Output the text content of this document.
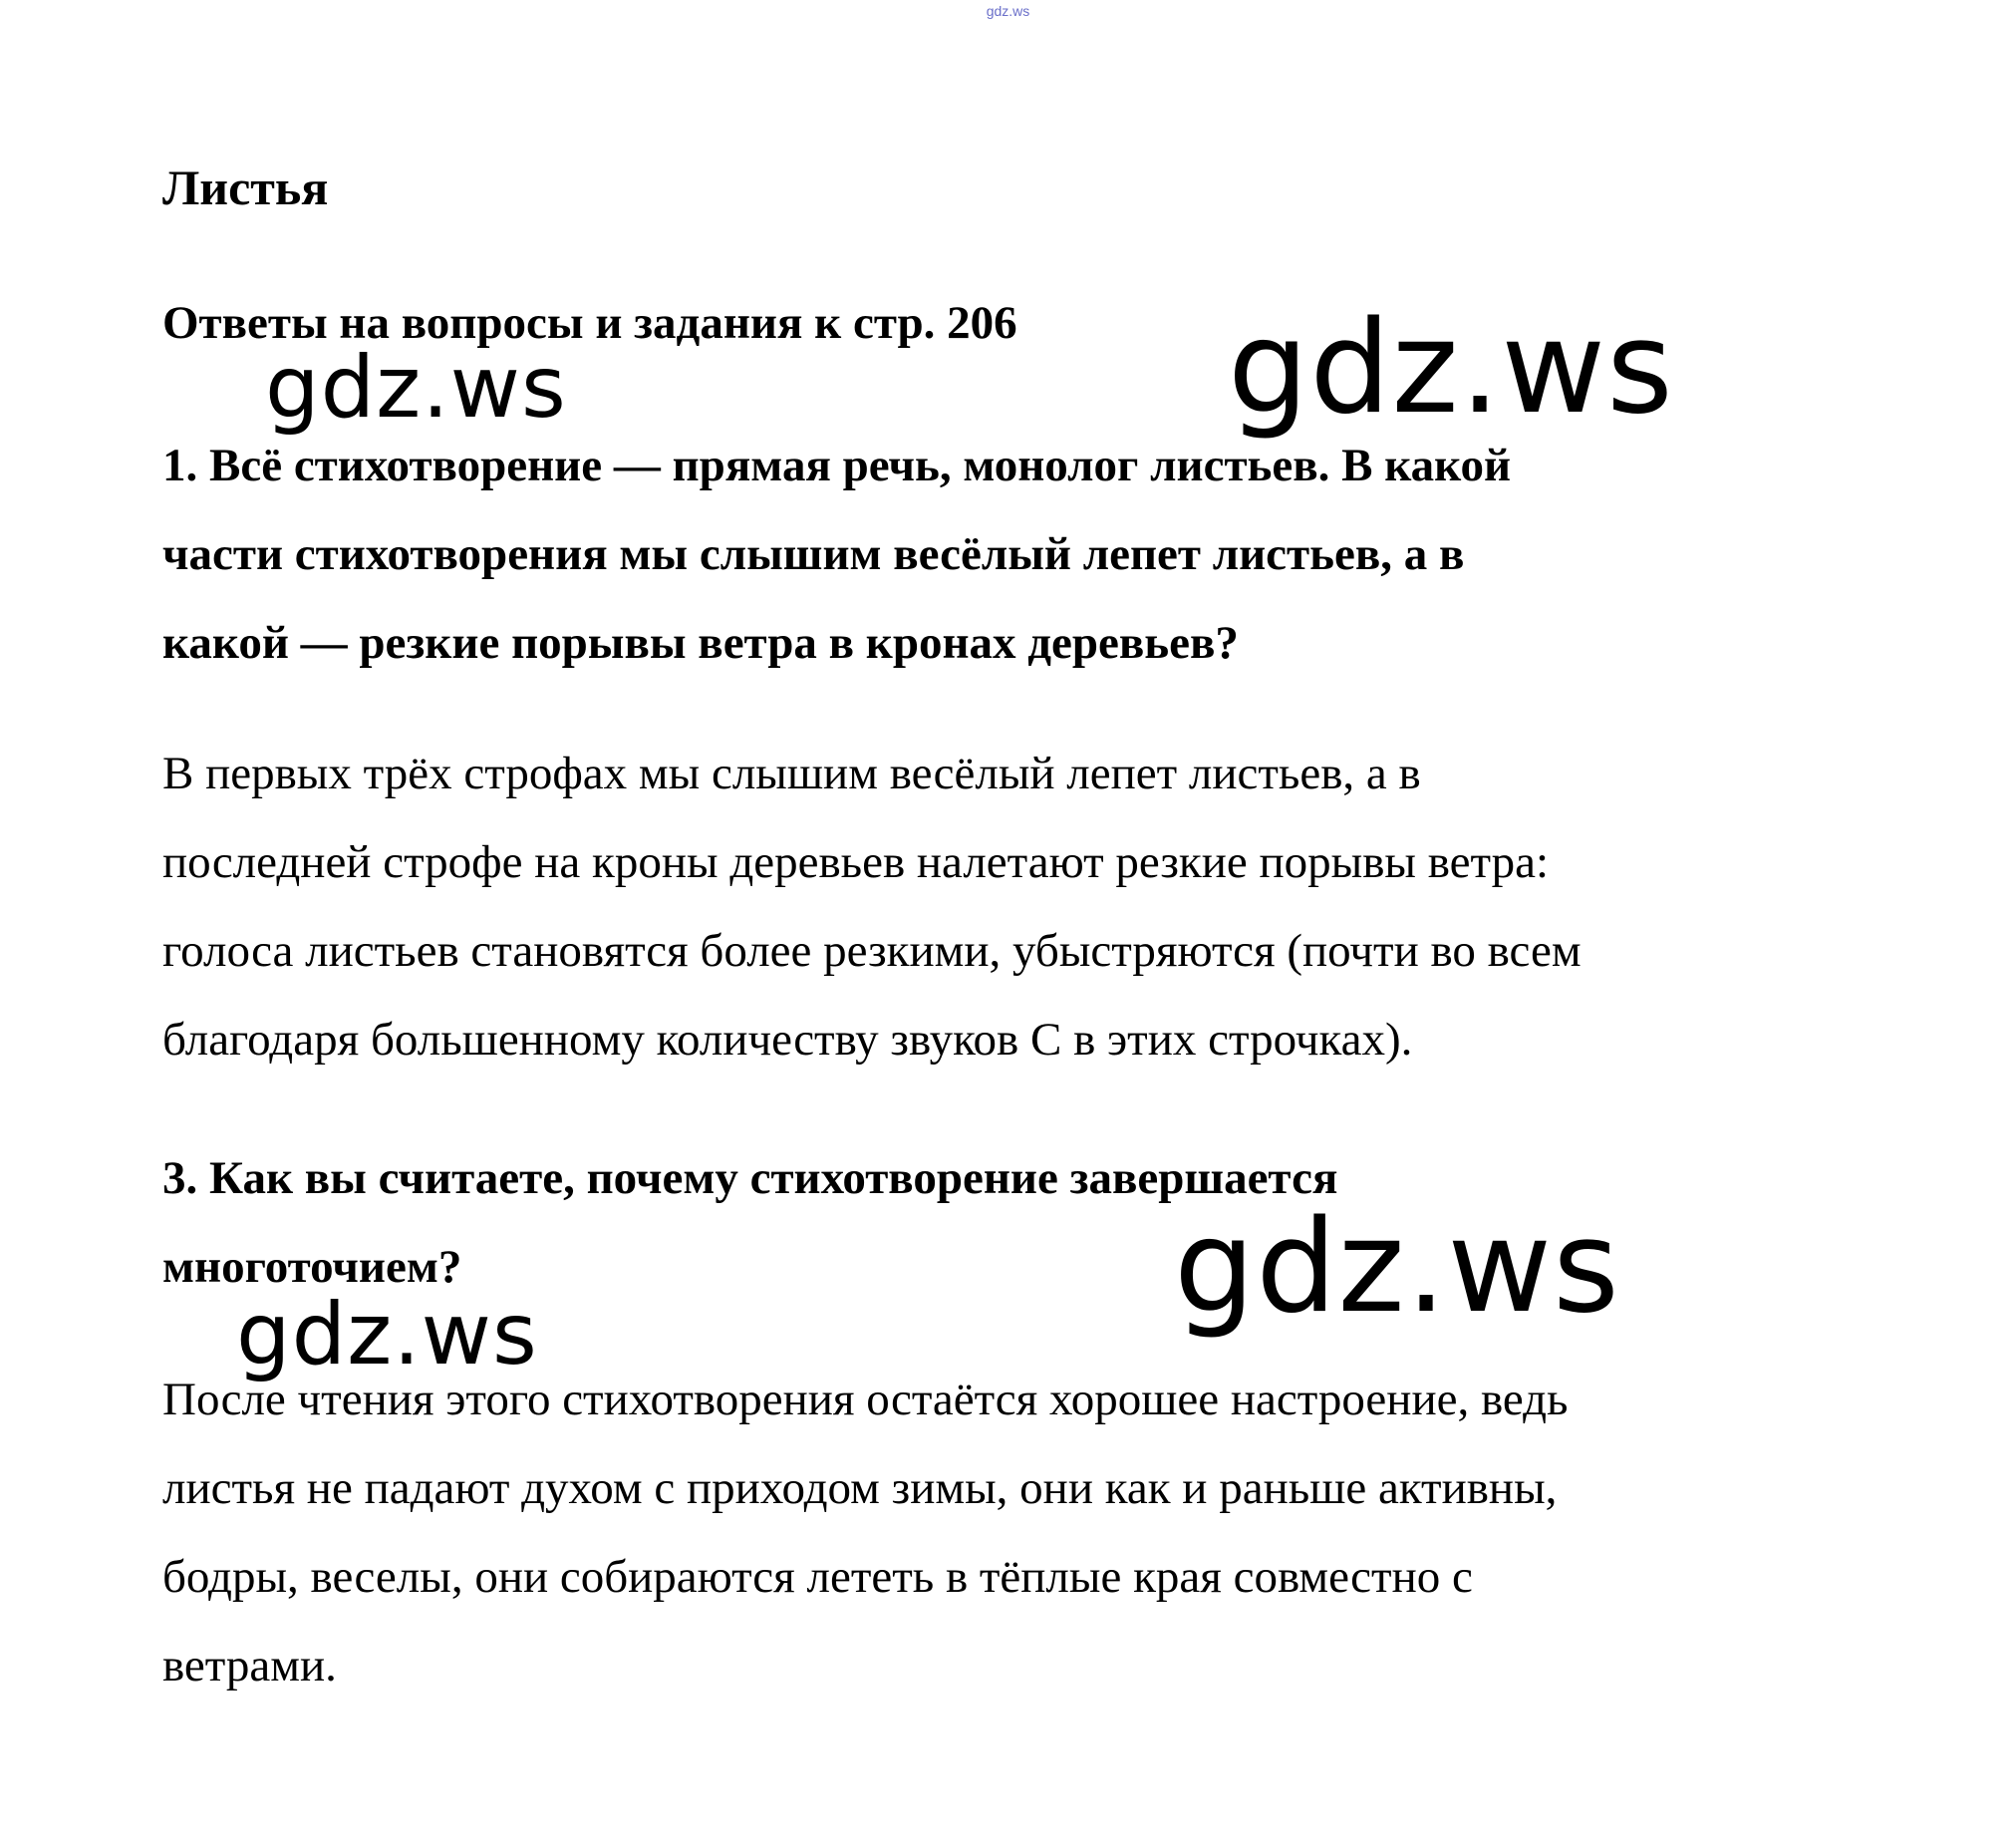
gdz.ws
Листья
Ответы на вопросы и задания к стр. 206
1. Всё стихотворение — прямая речь, монолог листьев. В какой
части стихотворения мы слышим весёлый лепет листьев, а в
какой — резкие порывы ветра в кронах деревьев?
В первых трёх строфах мы слышим весёлый лепет листьев, а в
последней строфе на кроны деревьев налетают резкие порывы ветра:
голоса листьев становятся более резкими, убыстряются (почти во всем
благодаря большенному количеству звуков С в этих строчках).
3. Как вы считаете, почему стихотворение завершается
многоточием?
После чтения этого стихотворения остаётся хорошее настроение, ведь
листья не падают духом с приходом зимы, они как и раньше активны,
бодры, веселы, они собираются лететь в тёплые края совместно с
ветрами.
gdz.ws	gdz.ws
gdz.ws
gdz.ws
